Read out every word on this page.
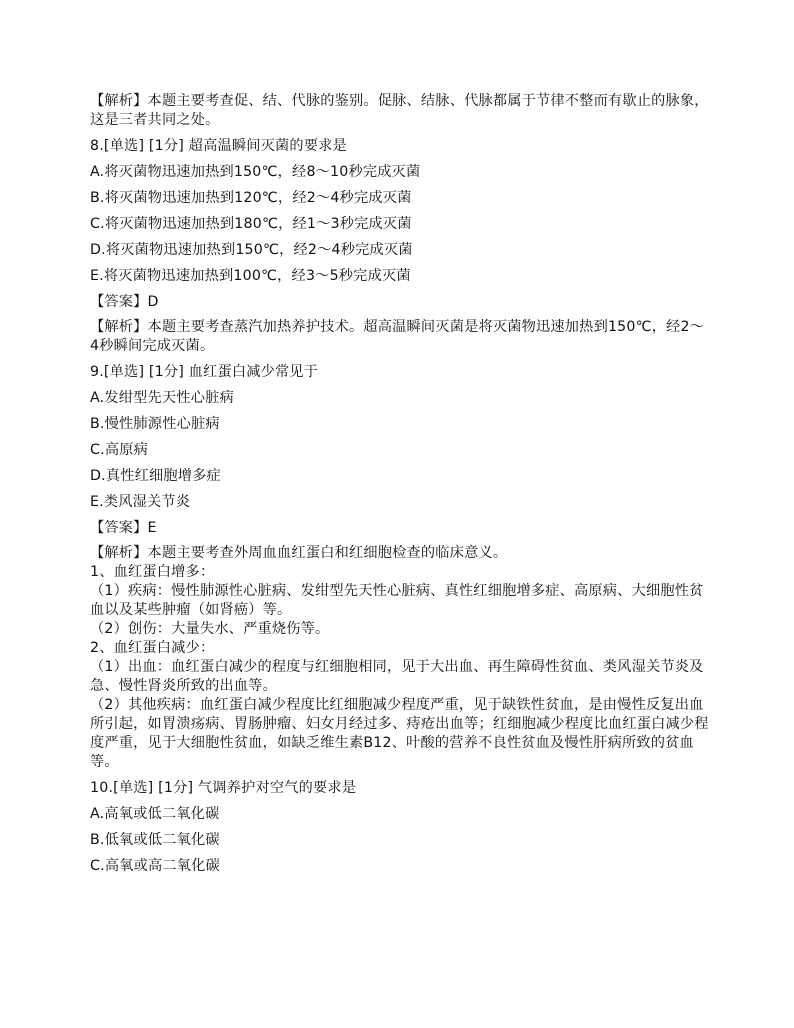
【解析】本题主要考查促、结、代脉的鉴别。促脉、结脉、代脉都属于节律不整而有歇止的脉象，这是三者共同之处。

8.[单选] [1分] 超高温瞬间灭菌的要求是

A.将灭菌物迅速加热到150℃，经8～10秒完成灭菌

B.将灭菌物迅速加热到120℃，经2～4秒完成灭菌

C.将灭菌物迅速加热到180℃，经1～3秒完成灭菌

D.将灭菌物迅速加热到150℃，经2～4秒完成灭菌

E.将灭菌物迅速加热到100℃，经3～5秒完成灭菌

【答案】D

【解析】本题主要考查蒸汽加热养护技术。超高温瞬间灭菌是将灭菌物迅速加热到150℃，经2～4秒瞬间完成灭菌。

9.[单选] [1分] 血红蛋白减少常见于

A.发绀型先天性心脏病

B.慢性肺源性心脏病

C.高原病

D.真性红细胞增多症

E.类风湿关节炎

【答案】E

【解析】本题主要考查外周血血红蛋白和红细胞检查的临床意义。

1、血红蛋白增多：

（1）疾病：慢性肺源性心脏病、发绀型先天性心脏病、真性红细胞增多症、高原病、大细胞性贫血以及某些肿瘤（如肾癌）等。

（2）创伤：大量失水、严重烧伤等。

2、血红蛋白减少：

（1）出血：血红蛋白减少的程度与红细胞相同，见于大出血、再生障碍性贫血、类风湿关节炎及急、慢性肾炎所致的出血等。

（2）其他疾病：血红蛋白减少程度比红细胞减少程度严重，见于缺铁性贫血，是由慢性反复出血所引起，如胃溃疡病、胃肠肿瘤、妇女月经过多、痔疮出血等；红细胞减少程度比血红蛋白减少程度严重，见于大细胞性贫血，如缺乏维生素B12、叶酸的营养不良性贫血及慢性肝病所致的贫血等。

10.[单选] [1分] 气调养护对空气的要求是

A.高氧或低二氧化碳

B.低氧或低二氧化碳

C.高氧或高二氧化碳
